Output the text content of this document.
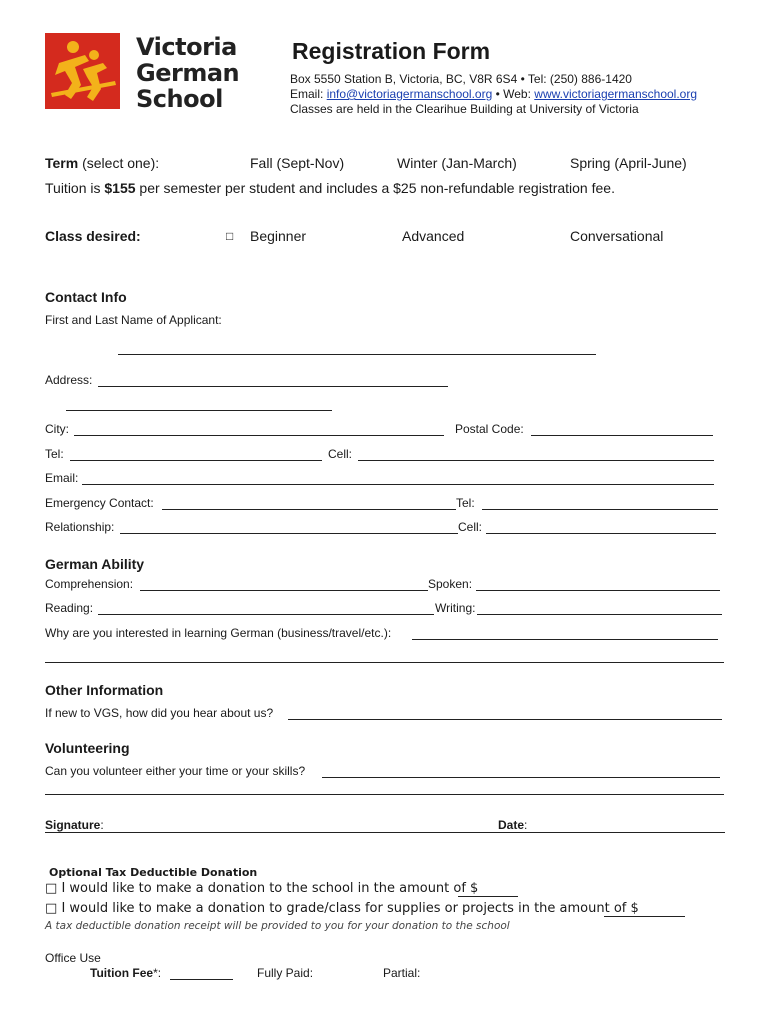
Victoria
German
School
Registration Form
Box 5550 Station B, Victoria, BC, V8R 6S4 • Tel: (250) 886-1420
Email: info@victoriagermanschool.org • Web: www.victoriagermanschool.org
Classes are held in the Clearihue Building at University of Victoria
Term (select one):	Fall (Sept-Nov)	Winter (Jan-March)	Spring (April-June)
Tuition is $155 per semester per student and includes a $25 non-refundable registration fee.
Class desired:	□ Beginner	Advanced	Conversational
Contact Info
First and Last Name of Applicant:
Address:
City:	Postal Code:
Tel:	Cell:
Email:
Emergency Contact:	Tel:
Relationship:	Cell:
German Ability
Comprehension:	Spoken:
Reading:	Writing:
Why are you interested in learning German (business/travel/etc.):
Other Information
If new to VGS, how did you hear about us?
Volunteering
Can you volunteer either your time or your skills?
Signature:	Date:
Optional Tax Deductible Donation
□ I would like to make a donation to the school in the amount of $
□ I would like to make a donation to grade/class for supplies or projects in the amount of $
A tax deductible donation receipt will be provided to you for your donation to the school
Office Use
Tuition Fee*:	Fully Paid:	Partial:
